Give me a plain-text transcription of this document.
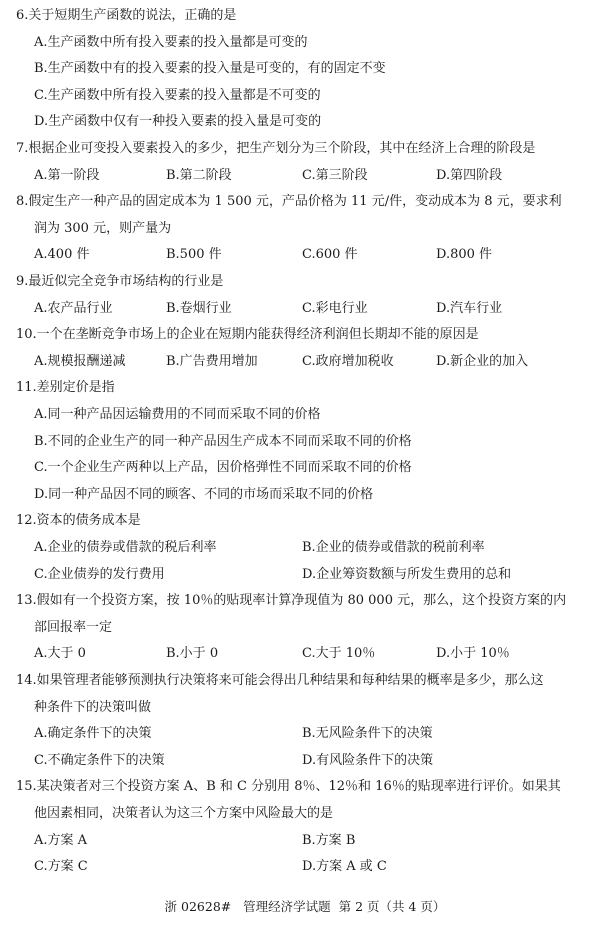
6.关于短期生产函数的说法，正确的是
A.生产函数中所有投入要素的投入量都是可变的
B.生产函数中有的投入要素的投入量是可变的，有的固定不变
C.生产函数中所有投入要素的投入量都是不可变的
D.生产函数中仅有一种投入要素的投入量是可变的
7.根据企业可变投入要素投入的多少，把生产划分为三个阶段，其中在经济上合理的阶段是
A.第一阶段	B.第二阶段	C.第三阶段	D.第四阶段
8.假定生产一种产品的固定成本为 1 500 元，产品价格为 11 元/件，变动成本为 8 元，要求利
润为 300 元，则产量为
A.400 件	B.500 件	C.600 件	D.800 件
9.最近似完全竞争市场结构的行业是
A.农产品行业	B.卷烟行业	C.彩电行业	D.汽车行业
10.一个在垄断竞争市场上的企业在短期内能获得经济利润但长期却不能的原因是
A.规模报酬递减	B.广告费用增加	C.政府增加税收	D.新企业的加入
11.差别定价是指
A.同一种产品因运输费用的不同而采取不同的价格
B.不同的企业生产的同一种产品因生产成本不同而采取不同的价格
C.一个企业生产两种以上产品，因价格弹性不同而采取不同的价格
D.同一种产品因不同的顾客、不同的市场而采取不同的价格
12.资本的债务成本是
A.企业的债券或借款的税后利率	B.企业的债券或借款的税前利率
C.企业债券的发行费用	D.企业筹资数额与所发生费用的总和
13.假如有一个投资方案，按 10％的贴现率计算净现值为 80 000 元，那么，这个投资方案的内
部回报率一定
A.大于 0	B.小于 0	C.大于 10％	D.小于 10％
14.如果管理者能够预测执行决策将来可能会得出几种结果和每种结果的概率是多少，那么这
种条件下的决策叫做
A.确定条件下的决策	B.无风险条件下的决策
C.不确定条件下的决策	D.有风险条件下的决策
15.某决策者对三个投资方案 A、B 和 C 分别用 8％、12％和 16％的贴现率进行评价。如果其
他因素相同，决策者认为这三个方案中风险最大的是
A.方案 A	B.方案 B
C.方案 C	D.方案 A 或 C
浙 02628#   管理经济学试题  第 2 页（共 4 页）
